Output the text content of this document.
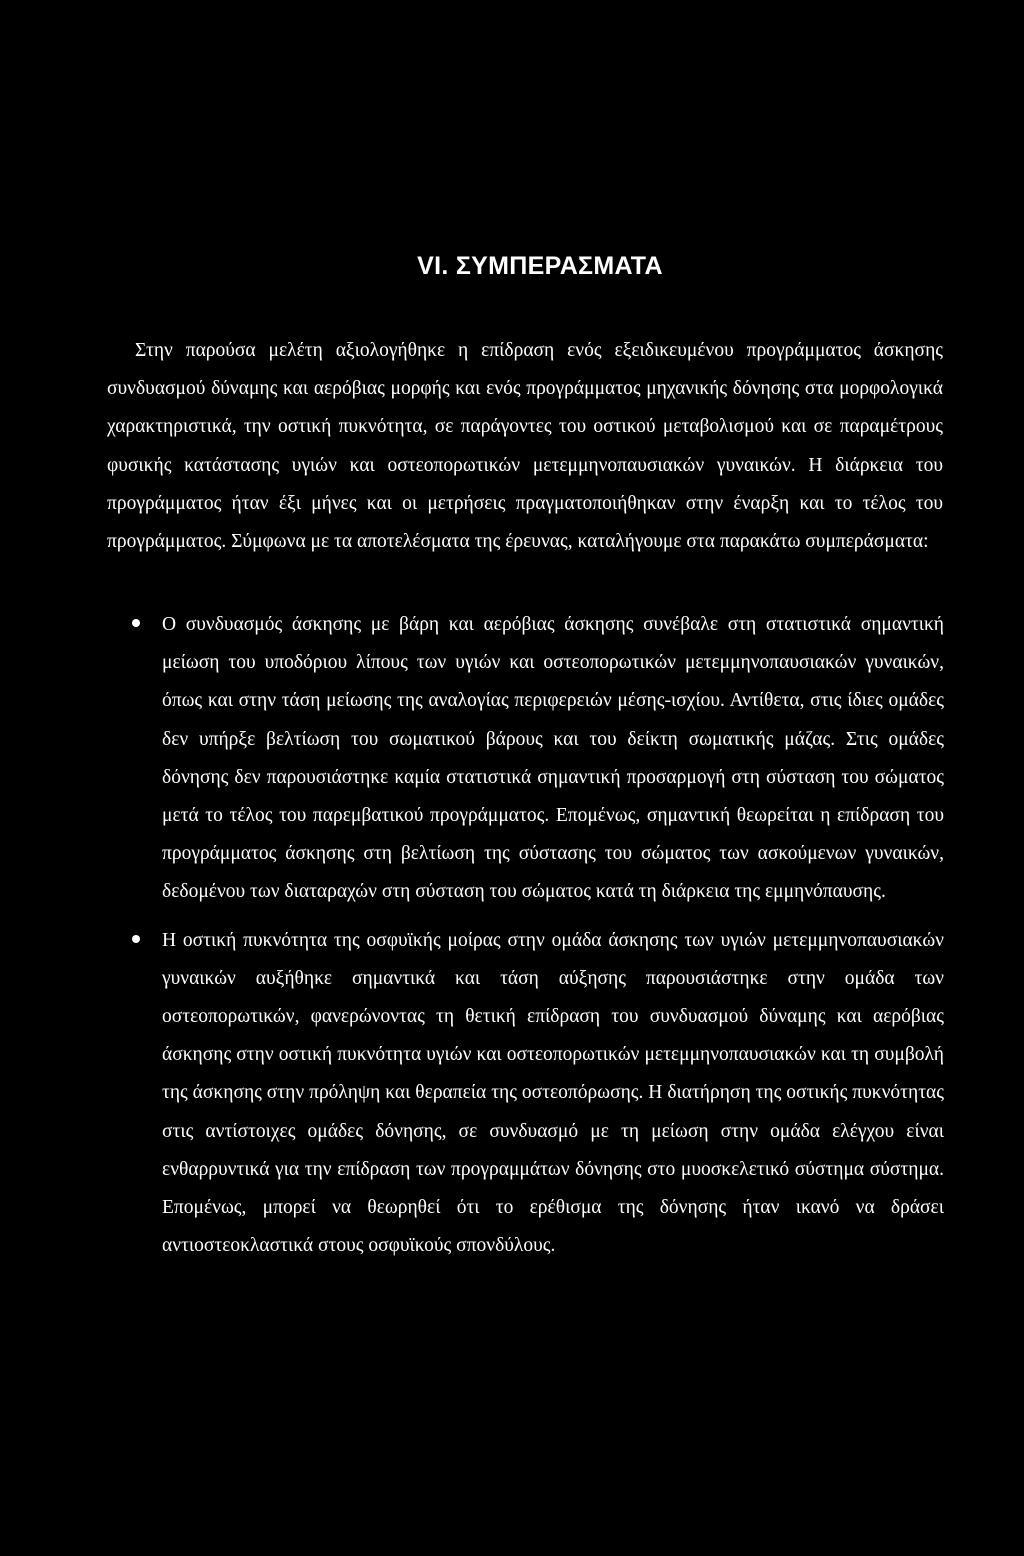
VI. ΣΥΜΠΕΡΑΣΜΑΤΑ

Στην παρούσα μελέτη αξιολογήθηκε η επίδραση ενός εξειδικευμένου προγράμματος άσκησης συνδυασμού δύναμης και αερόβιας μορφής και ενός προγράμματος μηχανικής δόνησης στα μορφολογικά χαρακτηριστικά, την οστική πυκνότητα, σε παράγοντες του οστικού μεταβολισμού και σε παραμέτρους φυσικής κατάστασης υγιών και οστεοπορωτικών μετεμμηνοπαυσιακών γυναικών. Η διάρκεια του προγράμματος ήταν έξι μήνες και οι μετρήσεις πραγματοποιήθηκαν στην έναρξη και το τέλος του προγράμματος. Σύμφωνα με τα αποτελέσματα της έρευνας, καταλήγουμε στα παρακάτω συμπεράσματα:

Ο συνδυασμός άσκησης με βάρη και αερόβιας άσκησης συνέβαλε στη στατιστικά σημαντική μείωση του υποδόριου λίπους των υγιών και οστεοπορωτικών μετεμμηνοπαυσιακών γυναικών, όπως και στην τάση μείωσης της αναλογίας περιφερειών μέσης-ισχίου. Αντίθετα, στις ίδιες ομάδες δεν υπήρξε βελτίωση του σωματικού βάρους και του δείκτη σωματικής μάζας. Στις ομάδες δόνησης δεν παρουσιάστηκε καμία στατιστικά σημαντική προσαρμογή στη σύσταση του σώματος μετά το τέλος του παρεμβατικού προγράμματος. Επομένως, σημαντική θεωρείται η επίδραση του προγράμματος άσκησης στη βελτίωση της σύστασης του σώματος των ασκούμενων γυναικών, δεδομένου των διαταραχών στη σύσταση του σώματος κατά τη διάρκεια της εμμηνόπαυσης.
Η οστική πυκνότητα της οσφυϊκής μοίρας στην ομάδα άσκησης των υγιών μετεμμηνοπαυσιακών γυναικών αυξήθηκε σημαντικά και τάση αύξησης παρουσιάστηκε στην ομάδα των οστεοπορωτικών, φανερώνοντας τη θετική επίδραση του συνδυασμού δύναμης και αερόβιας άσκησης στην οστική πυκνότητα υγιών και οστεοπορωτικών μετεμμηνοπαυσιακών και τη συμβολή της άσκησης στην πρόληψη και θεραπεία της οστεοπόρωσης. Η διατήρηση της οστικής πυκνότητας στις αντίστοιχες ομάδες δόνησης, σε συνδυασμό με τη μείωση στην ομάδα ελέγχου είναι ενθαρρυντικά για την επίδραση των προγραμμάτων δόνησης στο μυοσκελετικό σύστημα σύστημα. Επομένως, μπορεί να θεωρηθεί ότι το ερέθισμα της δόνησης ήταν ικανό να δράσει αντιοστεοκλαστικά στους οσφυϊκούς σπονδύλους.
